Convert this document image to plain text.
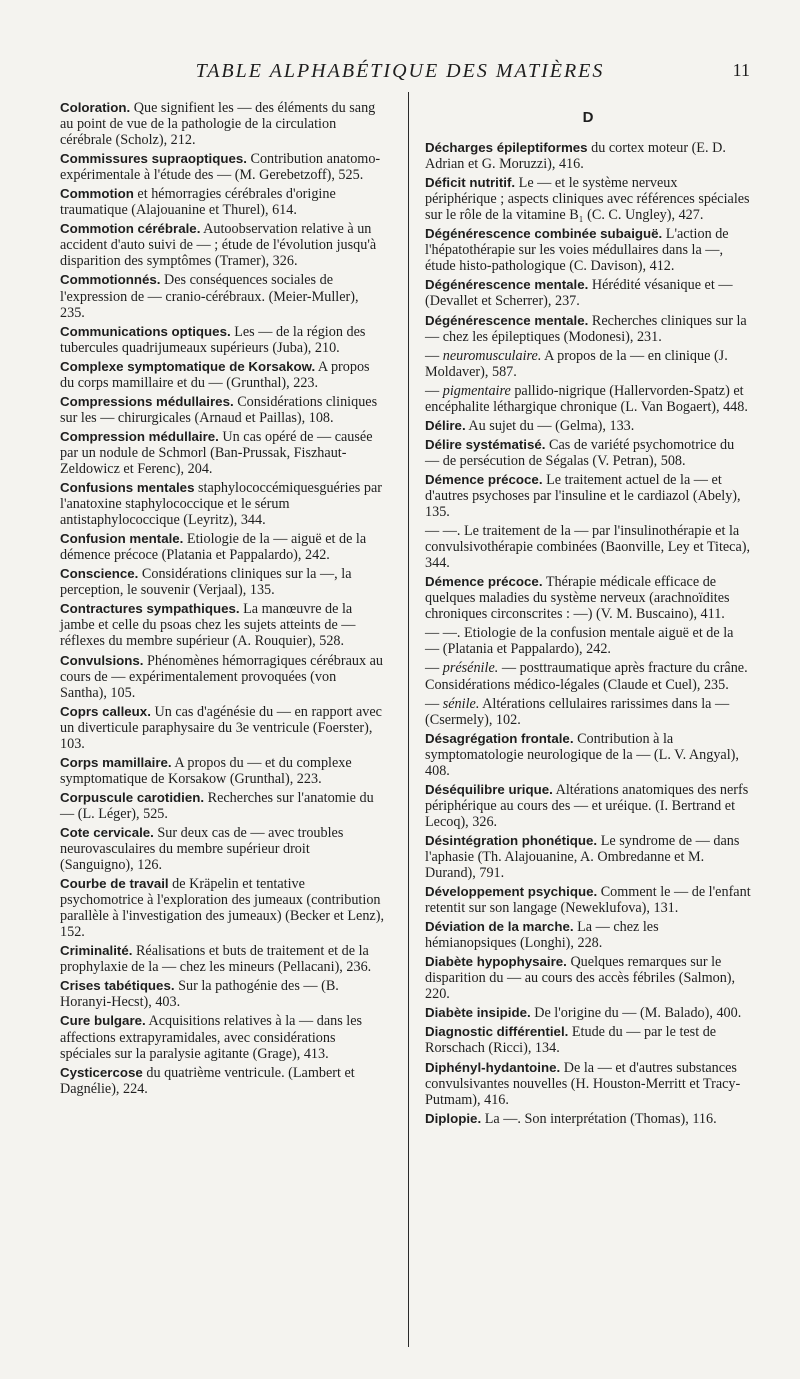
TABLE ALPHABÉTIQUE DES MATIÈRES	11
Coloration. Que signifient les — des éléments du sang au point de vue de la pathologie de la circulation cérébrale (Scholz), 212.
Commissures supraoptiques. Contribution anatomo-expérimentale à l'étude des — (M. Gerebetzoff), 525.
Commotion et hémorragies cérébrales d'origine traumatique (Alajouanine et Thurel), 614.
Commotion cérébrale. Autoobservation relative à un accident d'auto suivi de — ; étude de l'évolution jusqu'à disparition des symptômes (Tramer), 326.
Commotionnés. Des conséquences sociales de l'expression de — cranio-cérébraux. (Meier-Muller), 235.
Communications optiques. Les — de la région des tubercules quadrijumeaux supérieurs (Juba), 210.
Complexe symptomatique de Korsakow. A propos du corps mamillaire et du — (Grunthal), 223.
Compressions médullaires. Considérations cliniques sur les — chirurgicales (Arnaud et Paillas), 108.
Compression médullaire. Un cas opéré de — causée par un nodule de Schmorl (Ban-Prussak, Fiszhaut-Zeldowicz et Ferenc), 204.
Confusions mentales staphylococcémiquesguéries par l'anatoxine staphylococcique et le sérum antistaphylococcique (Leyritz), 344.
Confusion mentale. Etiologie de la — aiguë et de la démence précoce (Platania et Pappalardo), 242.
Conscience. Considérations cliniques sur la —, la perception, le souvenir (Verjaal), 135.
Contractures sympathiques. La manœuvre de la jambe et celle du psoas chez les sujets atteints de — réflexes du membre supérieur (A. Rouquier), 528.
Convulsions. Phénomènes hémorragiques cérébraux au cours de — expérimentalement provoquées (von Santha), 105.
Coprs calleux. Un cas d'agénésie du — en rapport avec un diverticule paraphysaire du 3e ventricule (Foerster), 103.
Corps mamillaire. A propos du — et du complexe symptomatique de Korsakow (Grunthal), 223.
Corpuscule carotidien. Recherches sur l'anatomie du — (L. Léger), 525.
Cote cervicale. Sur deux cas de — avec troubles neurovasculaires du membre supérieur droit (Sanguigno), 126.
Courbe de travail de Kräpelin et tentative psychomotrice à l'exploration des jumeaux (contribution parallèle à l'investigation des jumeaux) (Becker et Lenz), 152.
Criminalité. Réalisations et buts de traitement et de la prophylaxie de la — chez les mineurs (Pellacani), 236.
Crises tabétiques. Sur la pathogénie des — (B. Horanyi-Hecst), 403.
Cure bulgare. Acquisitions relatives à la — dans les affections extrapyramidales, avec considérations spéciales sur la paralysie agitante (Grage), 413.
Cysticercose du quatrième ventricule. (Lambert et Dagnélie), 224.
D
Décharges épileptiformes du cortex moteur (E. D. Adrian et G. Moruzzi), 416.
Déficit nutritif. Le — et le système nerveux périphérique ; aspects cliniques avec références spéciales sur le rôle de la vitamine B₁ (C. C. Ungley), 427.
Dégénérescence combinée subaiguë. L'action de l'hépatothérapie sur les voies médullaires dans la —, étude histo-pathologique (C. Davison), 412.
Dégénérescence mentale. Hérédité vésanique et — (Devallet et Scherrer), 237.
Dégénérescence mentale. Recherches cliniques sur la — chez les épileptiques (Modonesi), 231.
— neuromusculaire. A propos de la — en clinique (J. Moldaver), 587.
— pigmentaire pallido-nigrique (Hallervorden-Spatz) et encéphalite léthargique chronique (L. Van Bogaert), 448.
Délire. Au sujet du — (Gelma), 133.
Délire systématisé. Cas de variété psychomotrice du — de persécution de Ségalas (V. Petran), 508.
Démence précoce. Le traitement actuel de la — et d'autres psychoses par l'insuline et le cardiazol (Abely), 135.
— —. Le traitement de la — par l'insulinothérapie et la convulsivothérapie combinées (Baonville, Ley et Titeca), 344.
Démence précoce. Thérapie médicale efficace de quelques maladies du système nerveux (arachnoïdites chroniques circonscrites : —) (V. M. Buscaino), 411.
— —. Etiologie de la confusion mentale aiguë et de la — (Platania et Pappalardo), 242.
— présénile. — posttraumatique après fracture du crâne. Considérations médico-légales (Claude et Cuel), 235.
— sénile. Altérations cellulaires rarissimes dans la — (Csermely), 102.
Désagrégation frontale. Contribution à la symptomatologie neurologique de la — (L. V. Angyal), 408.
Déséquilibre urique. Altérations anatomiques des nerfs périphérique au cours des — et uréique. (I. Bertrand et Lecoq), 326.
Désintégration phonétique. Le syndrome de — dans l'aphasie (Th. Alajouanine, A. Ombredanne et M. Durand), 791.
Développement psychique. Comment le — de l'enfant retentit sur son langage (Neweklufova), 131.
Déviation de la marche. La — chez les hémianopsiques (Longhi), 228.
Diabète hypophysaire. Quelques remarques sur le disparition du — au cours des accès fébriles (Salmon), 220.
Diabète insipide. De l'origine du — (M. Balado), 400.
Diagnostic différentiel. Etude du — par le test de Rorschach (Ricci), 134.
Diphényl-hydantoine. De la — et d'autres substances convulsivantes nouvelles (H. Houston-Merritt et Tracy-Putmam), 416.
Diplopie. La —. Son interprétation (Thomas), 116.
